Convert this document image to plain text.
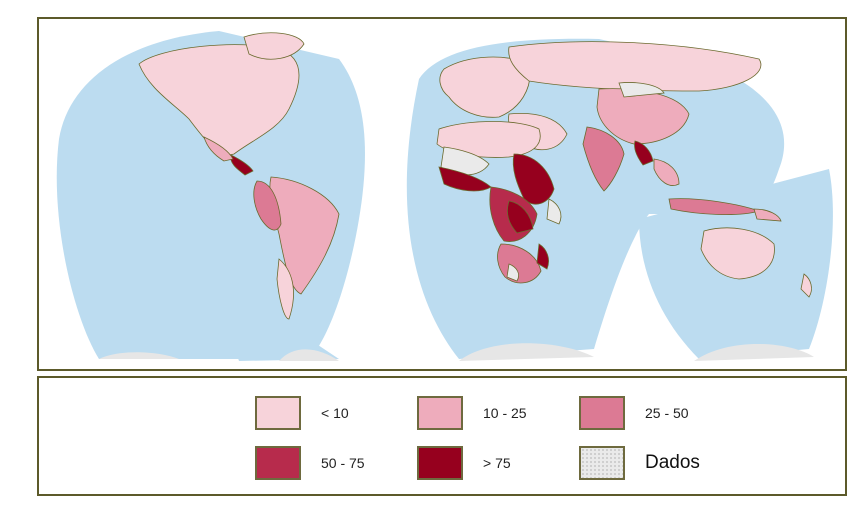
< 10	10 - 25	25 - 50
50 - 75	> 75	Dados
